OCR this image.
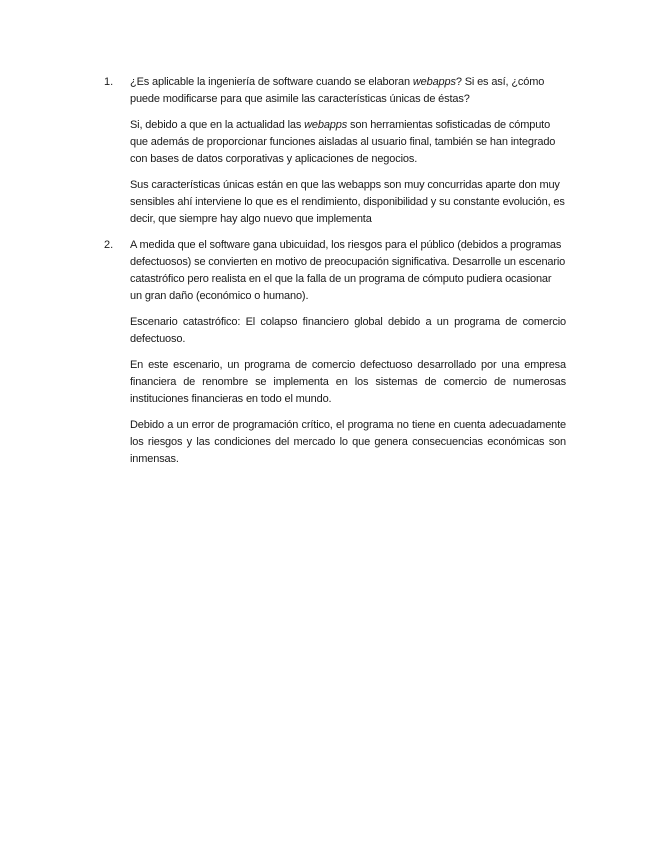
1. ¿Es aplicable la ingeniería de software cuando se elaboran webapps? Si es así, ¿cómo puede modificarse para que asimile las características únicas de éstas?
Si, debido a que en la actualidad las webapps son herramientas sofisticadas de cómputo que además de proporcionar funciones aisladas al usuario final, también se han integrado con bases de datos corporativas y aplicaciones de negocios.
Sus características únicas están en que las webapps son muy concurridas aparte don muy sensibles ahí interviene lo que es el rendimiento, disponibilidad y su constante evolución, es decir, que siempre hay algo nuevo que implementa
2. A medida que el software gana ubicuidad, los riesgos para el público (debidos a programas defectuosos) se convierten en motivo de preocupación significativa. Desarrolle un escenario catastrófico pero realista en el que la falla de un programa de cómputo pudiera ocasionar un gran daño (económico o humano).
Escenario catastrófico: El colapso financiero global debido a un programa de comercio defectuoso.
En este escenario, un programa de comercio defectuoso desarrollado por una empresa financiera de renombre se implementa en los sistemas de comercio de numerosas instituciones financieras en todo el mundo.
Debido a un error de programación crítico, el programa no tiene en cuenta adecuadamente los riesgos y las condiciones del mercado lo que genera consecuencias económicas son inmensas.
